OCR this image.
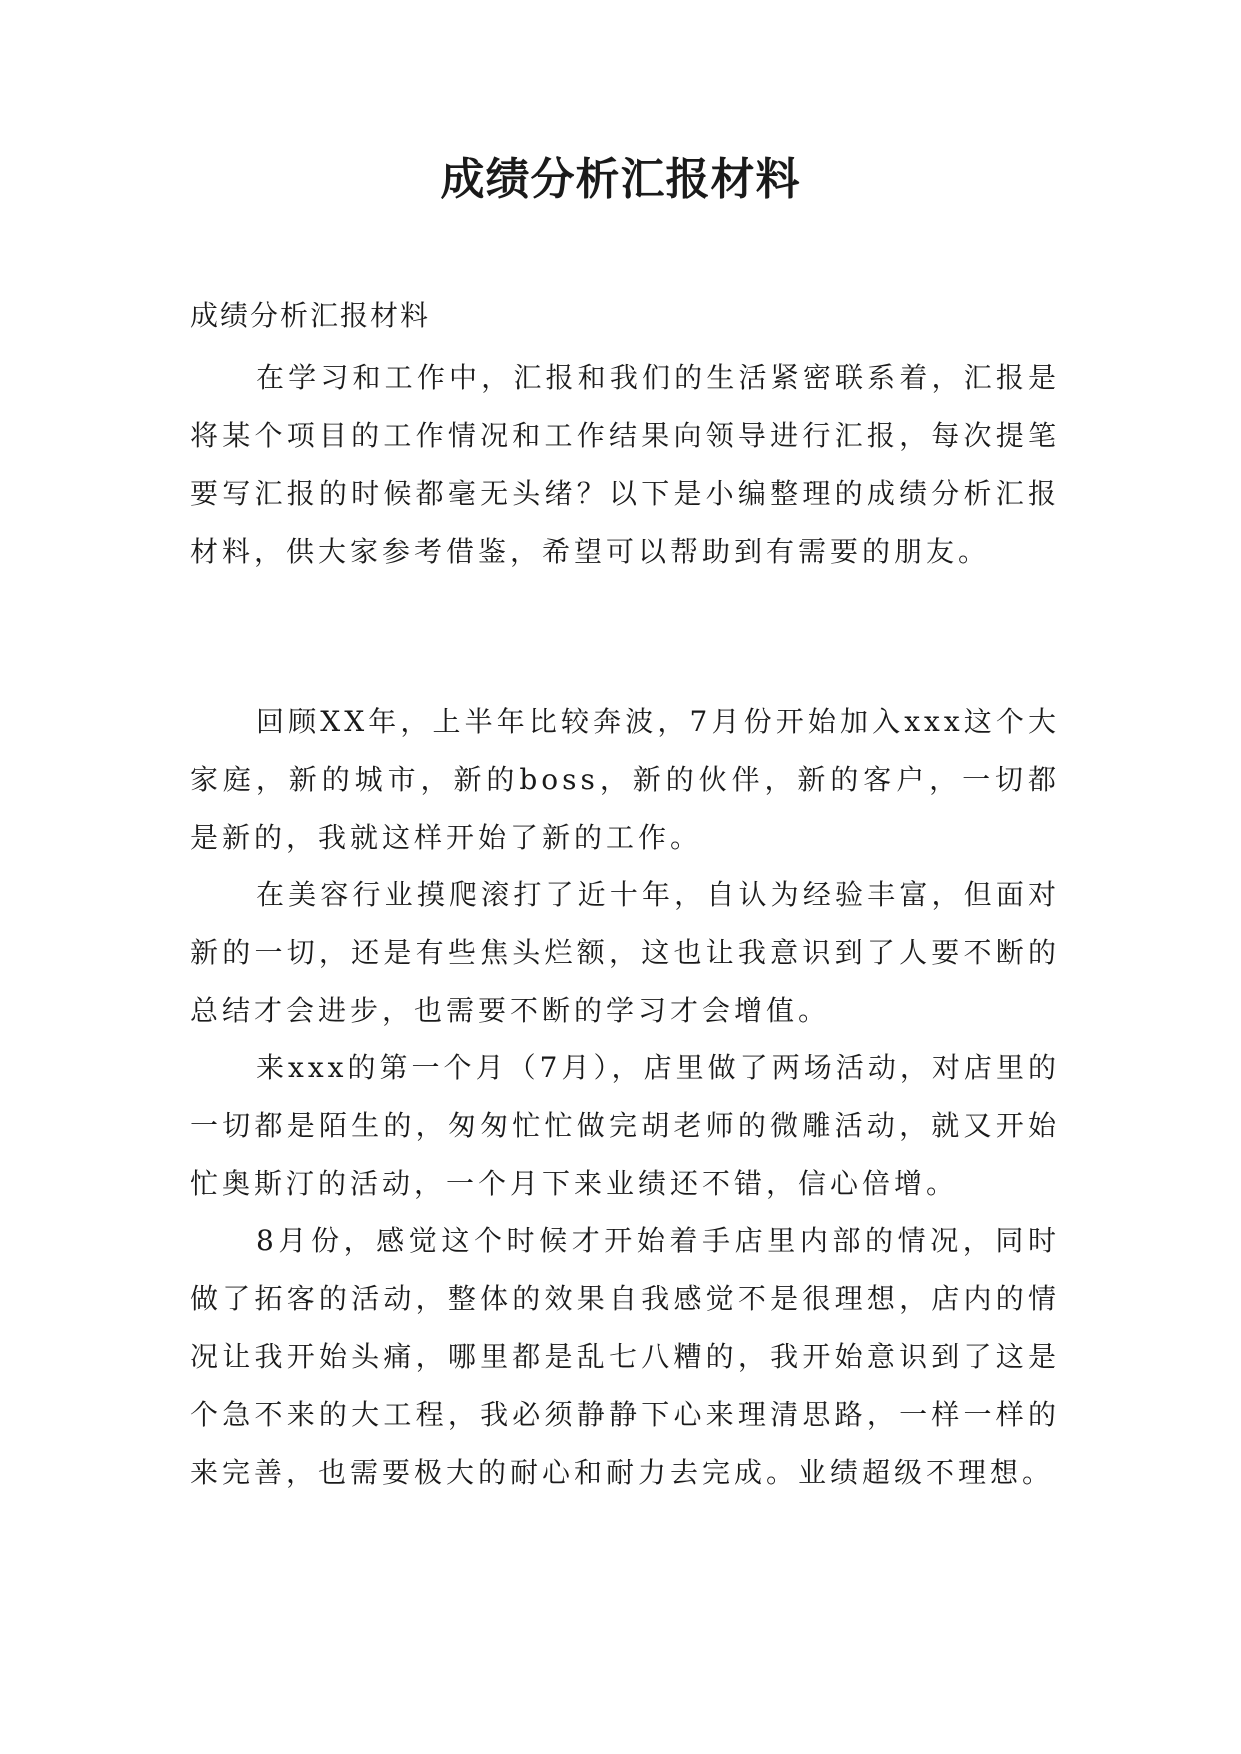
成绩分析汇报材料

成绩分析汇报材料

在学习和工作中，汇报和我们的生活紧密联系着，汇报是将某个项目的工作情况和工作结果向领导进行汇报，每次提笔要写汇报的时候都毫无头绪？以下是小编整理的成绩分析汇报材料，供大家参考借鉴，希望可以帮助到有需要的朋友。

回顾XX年，上半年比较奔波，7月份开始加入xxx这个大家庭，新的城市，新的boss，新的伙伴，新的客户，一切都是新的，我就这样开始了新的工作。

在美容行业摸爬滚打了近十年，自认为经验丰富，但面对新的一切，还是有些焦头烂额，这也让我意识到了人要不断的总结才会进步，也需要不断的学习才会增值。

来xxx的第一个月（7月），店里做了两场活动，对店里的一切都是陌生的，匆匆忙忙做完胡老师的微雕活动，就又开始忙奥斯汀的活动，一个月下来业绩还不错，信心倍增。

8月份，感觉这个时候才开始着手店里内部的情况，同时做了拓客的活动，整体的效果自我感觉不是很理想，店内的情况让我开始头痛，哪里都是乱七八糟的，我开始意识到了这是个急不来的大工程，我必须静静下心来理清思路，一样一样的来完善，也需要极大的耐心和耐力去完成。业绩超级不理想。
